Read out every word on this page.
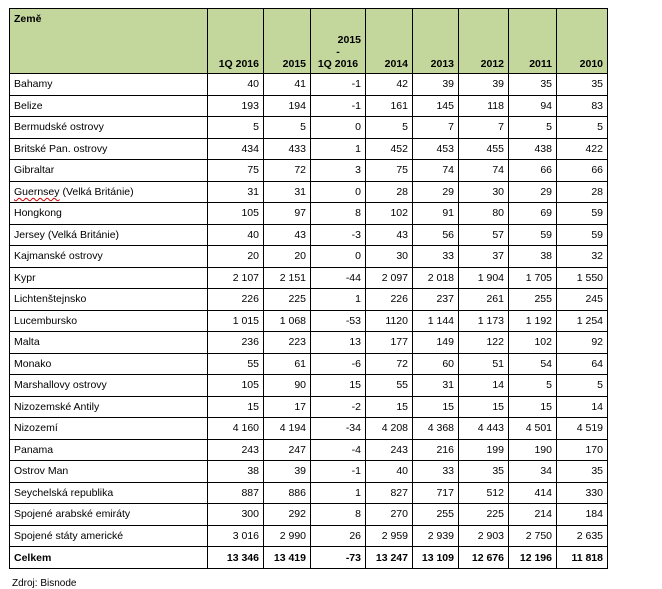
Země	1Q 2016	2015	2015
-
1Q 2016	2014	2013	2012	2011	2010
Bahamy	40	41	-1	42	39	39	35	35
Belize	193	194	-1	161	145	118	94	83
Bermudské ostrovy	5	5	0	5	7	7	5	5
Britské Pan. ostrovy	434	433	1	452	453	455	438	422
Gibraltar	75	72	3	75	74	74	66	66
Guernsey (Velká Británie)	31	31	0	28	29	30	29	28
Hongkong	105	97	8	102	91	80	69	59
Jersey (Velká Británie)	40	43	-3	43	56	57	59	59
Kajmanské ostrovy	20	20	0	30	33	37	38	32
Kypr	2 107	2 151	-44	2 097	2 018	1 904	1 705	1 550
Lichtenštejnsko	226	225	1	226	237	261	255	245
Lucembursko	1 015	1 068	-53	1120	1 144	1 173	1 192	1 254
Malta	236	223	13	177	149	122	102	92
Monako	55	61	-6	72	60	51	54	64
Marshallovy ostrovy	105	90	15	55	31	14	5	5
Nizozemské Antily	15	17	-2	15	15	15	15	14
Nizozemí	4 160	4 194	-34	4 208	4 368	4 443	4 501	4 519
Panama	243	247	-4	243	216	199	190	170
Ostrov Man	38	39	-1	40	33	35	34	35
Seychelská republika	887	886	1	827	717	512	414	330
Spojené arabské emiráty	300	292	8	270	255	225	214	184
Spojené státy americké	3 016	2 990	26	2 959	2 939	2 903	2 750	2 635
Celkem	13 346	13 419	-73	13 247	13 109	12 676	12 196	11 818
Zdroj: Bisnode
